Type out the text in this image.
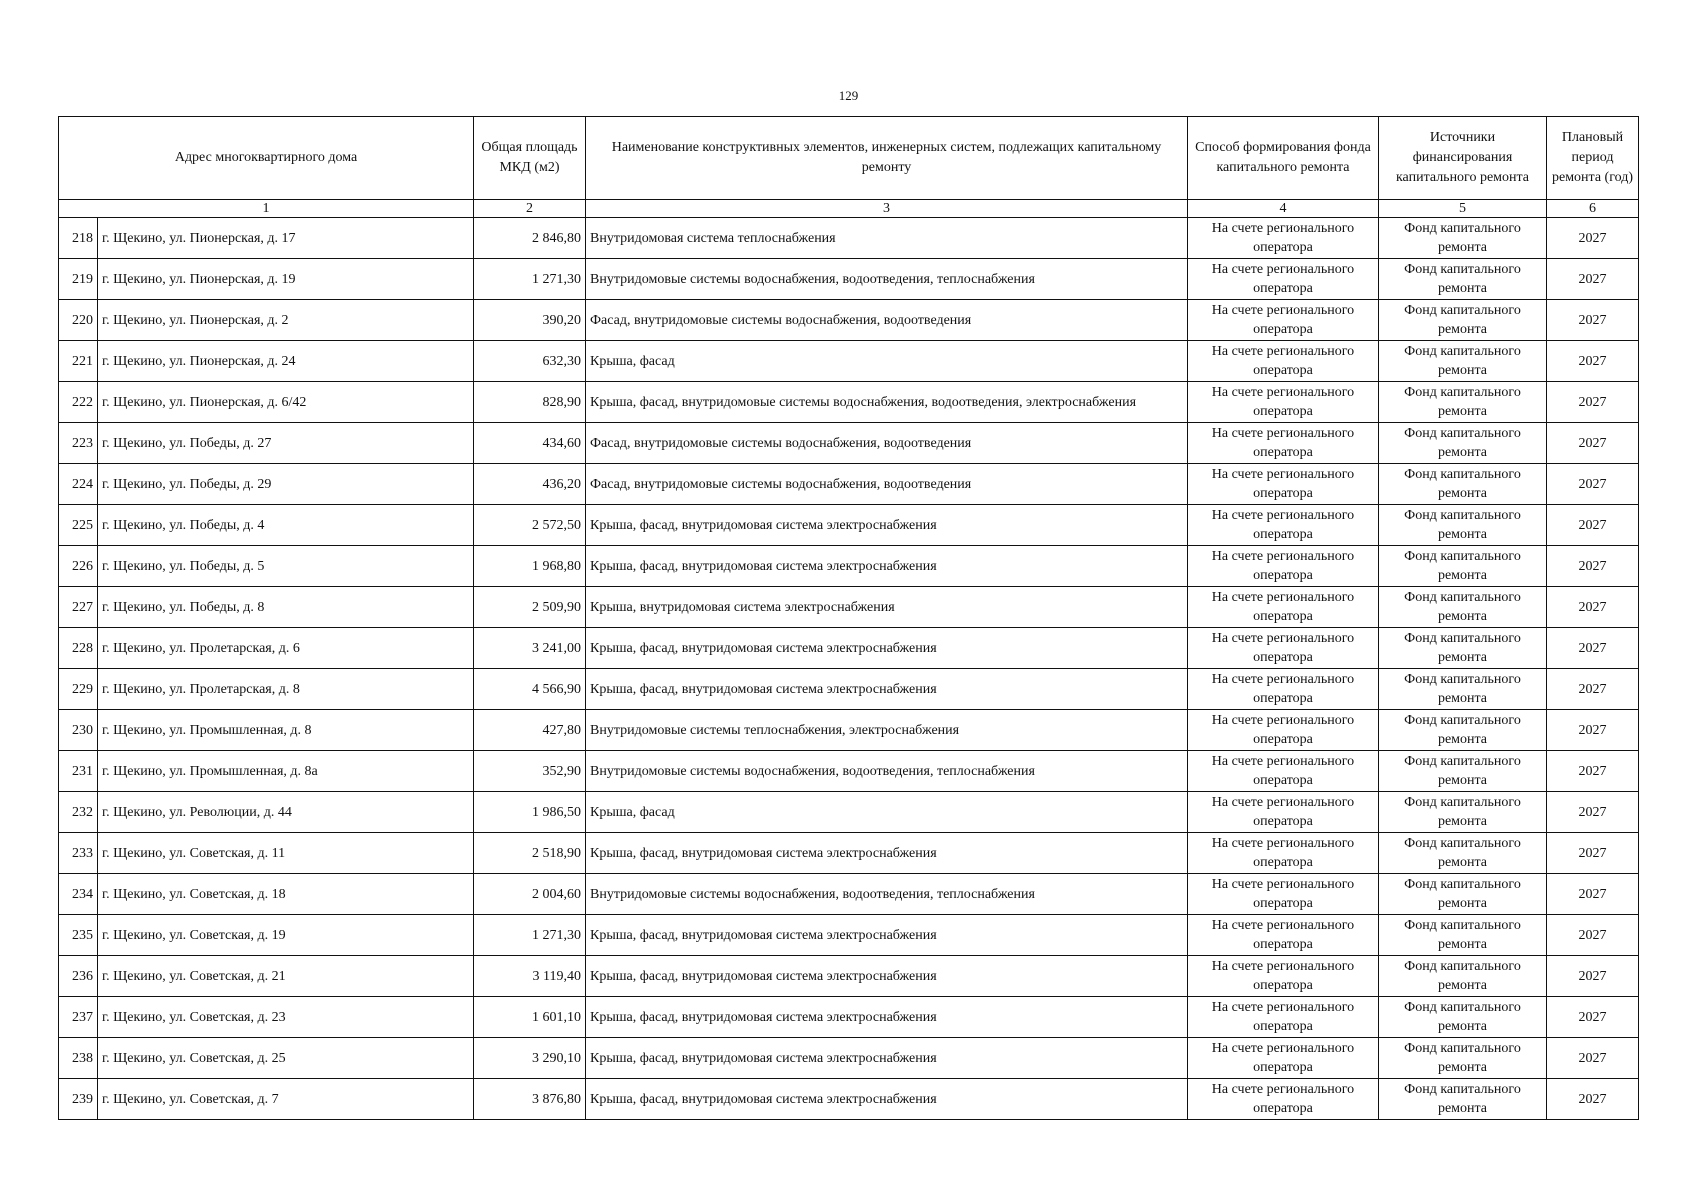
129
Адрес многоквартирного дома		Общая площадь МКД (м2)	Наименование конструктивных элементов, инженерных систем, подлежащих капитальному ремонту	Способ формирования фонда капитального ремонта	Источники финансирования капитального ремонта	Плановый период ремонта (год)
1		2	3	4	5	6
218	г. Щекино, ул. Пионерская, д. 17	2 846,80	Внутридомовая система теплоснабжения	На счете регионального оператора	Фонд капитального ремонта	2027
219	г. Щекино, ул. Пионерская, д. 19	1 271,30	Внутридомовые системы водоснабжения, водоотведения, теплоснабжения	На счете регионального оператора	Фонд капитального ремонта	2027
220	г. Щекино, ул. Пионерская, д. 2	390,20	Фасад, внутридомовые системы водоснабжения, водоотведения	На счете регионального оператора	Фонд капитального ремонта	2027
221	г. Щекино, ул. Пионерская, д. 24	632,30	Крыша, фасад	На счете регионального оператора	Фонд капитального ремонта	2027
222	г. Щекино, ул. Пионерская, д. 6/42	828,90	Крыша, фасад, внутридомовые системы водоснабжения, водоотведения, электроснабжения	На счете регионального оператора	Фонд капитального ремонта	2027
223	г. Щекино, ул. Победы, д. 27	434,60	Фасад, внутридомовые системы водоснабжения, водоотведения	На счете регионального оператора	Фонд капитального ремонта	2027
224	г. Щекино, ул. Победы, д. 29	436,20	Фасад, внутридомовые системы водоснабжения, водоотведения	На счете регионального оператора	Фонд капитального ремонта	2027
225	г. Щекино, ул. Победы, д. 4	2 572,50	Крыша, фасад, внутридомовая система электроснабжения	На счете регионального оператора	Фонд капитального ремонта	2027
226	г. Щекино, ул. Победы, д. 5	1 968,80	Крыша, фасад, внутридомовая система электроснабжения	На счете регионального оператора	Фонд капитального ремонта	2027
227	г. Щекино, ул. Победы, д. 8	2 509,90	Крыша, внутридомовая система электроснабжения	На счете регионального оператора	Фонд капитального ремонта	2027
228	г. Щекино, ул. Пролетарская, д. 6	3 241,00	Крыша, фасад, внутридомовая система электроснабжения	На счете регионального оператора	Фонд капитального ремонта	2027
229	г. Щекино, ул. Пролетарская, д. 8	4 566,90	Крыша, фасад, внутридомовая система электроснабжения	На счете регионального оператора	Фонд капитального ремонта	2027
230	г. Щекино, ул. Промышленная, д. 8	427,80	Внутридомовые системы теплоснабжения, электроснабжения	На счете регионального оператора	Фонд капитального ремонта	2027
231	г. Щекино, ул. Промышленная, д. 8а	352,90	Внутридомовые системы водоснабжения, водоотведения, теплоснабжения	На счете регионального оператора	Фонд капитального ремонта	2027
232	г. Щекино, ул. Революции, д. 44	1 986,50	Крыша, фасад	На счете регионального оператора	Фонд капитального ремонта	2027
233	г. Щекино, ул. Советская, д. 11	2 518,90	Крыша, фасад, внутридомовая система электроснабжения	На счете регионального оператора	Фонд капитального ремонта	2027
234	г. Щекино, ул. Советская, д. 18	2 004,60	Внутридомовые системы водоснабжения, водоотведения, теплоснабжения	На счете регионального оператора	Фонд капитального ремонта	2027
235	г. Щекино, ул. Советская, д. 19	1 271,30	Крыша, фасад, внутридомовая система электроснабжения	На счете регионального оператора	Фонд капитального ремонта	2027
236	г. Щекино, ул. Советская, д. 21	3 119,40	Крыша, фасад, внутридомовая система электроснабжения	На счете регионального оператора	Фонд капитального ремонта	2027
237	г. Щекино, ул. Советская, д. 23	1 601,10	Крыша, фасад, внутридомовая система электроснабжения	На счете регионального оператора	Фонд капитального ремонта	2027
238	г. Щекино, ул. Советская, д. 25	3 290,10	Крыша, фасад, внутридомовая система электроснабжения	На счете регионального оператора	Фонд капитального ремонта	2027
239	г. Щекино, ул. Советская, д. 7	3 876,80	Крыша, фасад, внутридомовая система электроснабжения	На счете регионального оператора	Фонд капитального ремонта	2027
